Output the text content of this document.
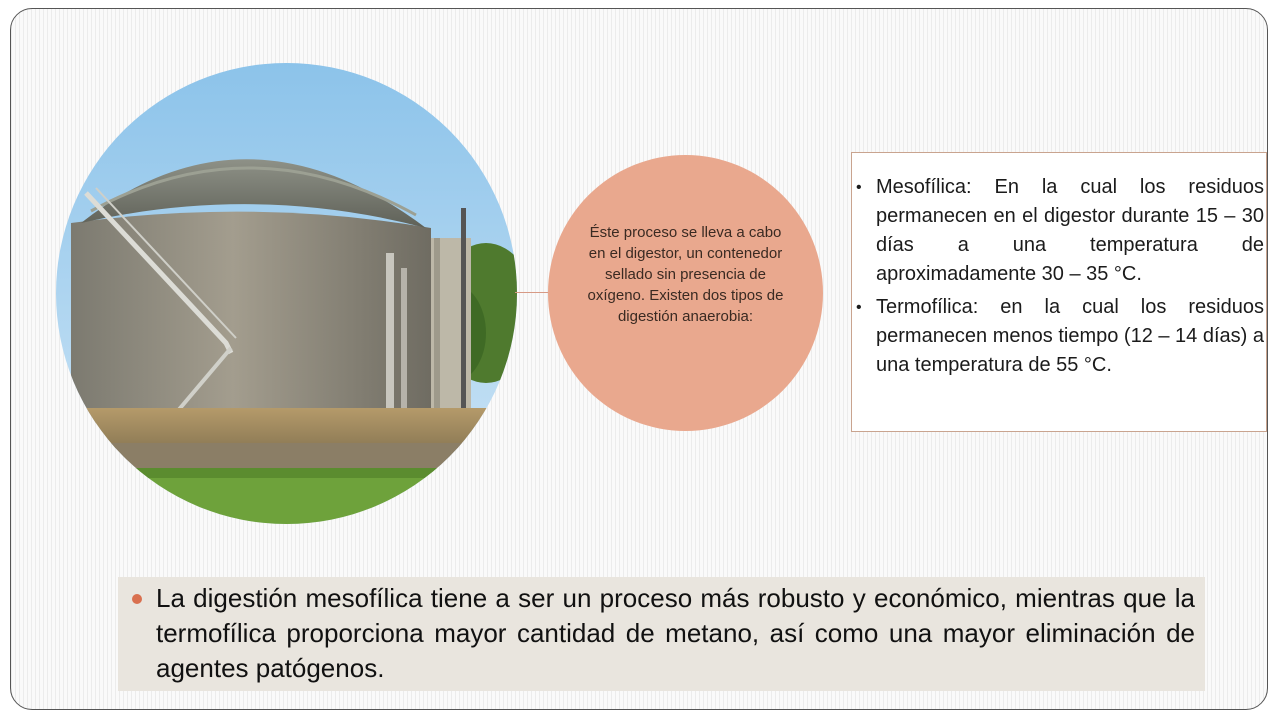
Éste proceso se lleva a cabo en el digestor, un contenedor sellado sin presencia de oxígeno. Existen dos tipos de digestión anaerobia:
• Mesofílica: En la cual los residuos permanecen en el digestor durante 15 – 30 días a una temperatura de aproximadamente 30 – 35 °C.
• Termofílica: en la cual los residuos permanecen menos tiempo (12 – 14 días) a una temperatura de 55 °C.
La digestión mesofílica tiene a ser un proceso más robusto y económico, mientras que la termofílica proporciona mayor cantidad de metano, así como una mayor eliminación de agentes patógenos.
